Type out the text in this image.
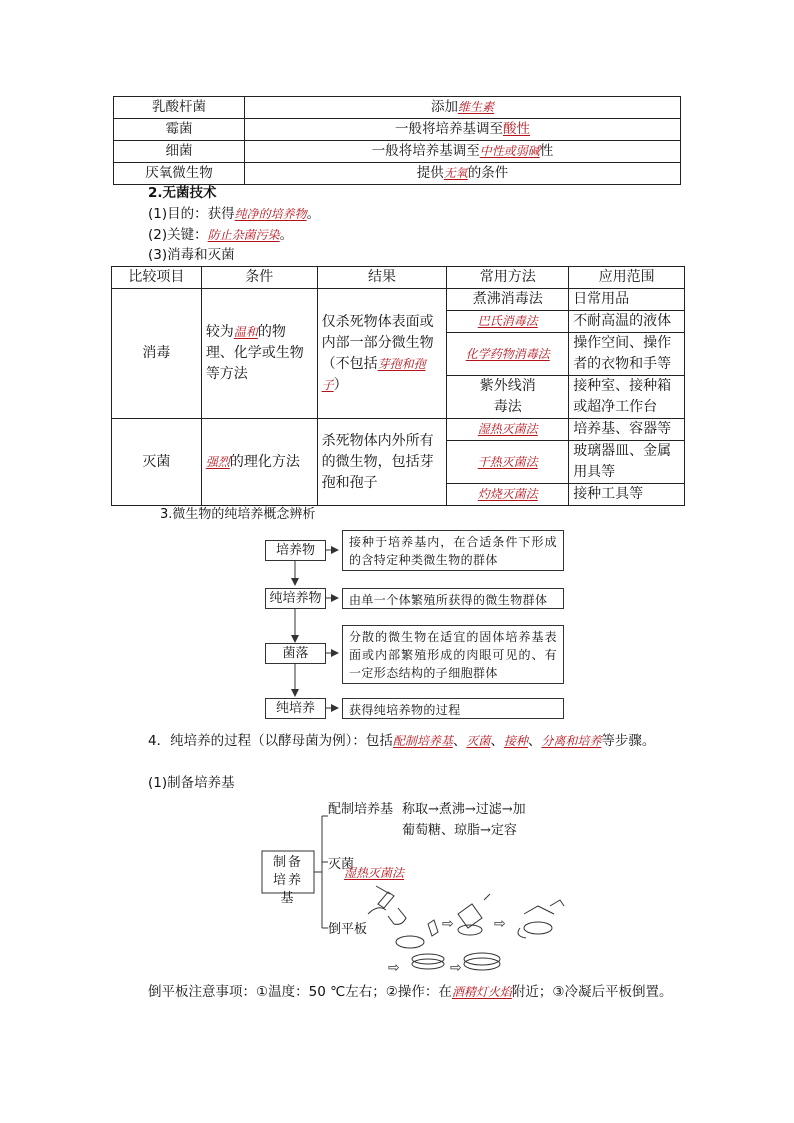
乳酸杆菌	添加维生素
霉菌	一般将培养基调至酸性
细菌	一般将培养基调至中性或弱碱性
厌氧微生物	提供无氧的条件
2.无菌技术
(1)目的：获得纯净的培养物。
(2)关键：防止杂菌污染。
(3)消毒和灭菌
比较项目	条件	结果	常用方法	应用范围
消毒	较为温和的物理、化学或生物等方法	仅杀死物体表面或内部一部分微生物（不包括芽孢和孢子）	煮沸消毒法	日常用品
			巴氏消毒法	不耐高温的液体
			化学药物消毒法	操作空间、操作者的衣物和手等
			紫外线消毒法	接种室、接种箱或超净工作台
灭菌	强烈的理化方法	杀死物体内外所有的微生物，包括芽孢和孢子	湿热灭菌法	培养基、容器等
			干热灭菌法	玻璃器皿、金属用具等
			灼烧灭菌法	接种工具等
3.微生物的纯培养概念辨析
培养物
接种于培养基内，在合适条件下形成的含特定种类微生物的群体
纯培养物	由单一个体繁殖所获得的微生物群体
菌落
分散的微生物在适宜的固体培养基表面或内部繁殖形成的肉眼可见的、有一定形态结构的子细胞群体
纯培养	获得纯培养物的过程
4．纯培养的过程（以酵母菌为例）：包括配制培养基、灭菌、接种、分离和培养等步骤。
(1)制备培养基
⇨	⇨
⇨	⇨
制备培养基
配制培养基 称取→煮沸→过滤→加
葡萄糖、琼脂→定容
灭菌
湿热灭菌法
倒平板
倒平板注意事项：①温度：50 ℃左右；②操作：在酒精灯火焰附近；③冷凝后平板倒置。
